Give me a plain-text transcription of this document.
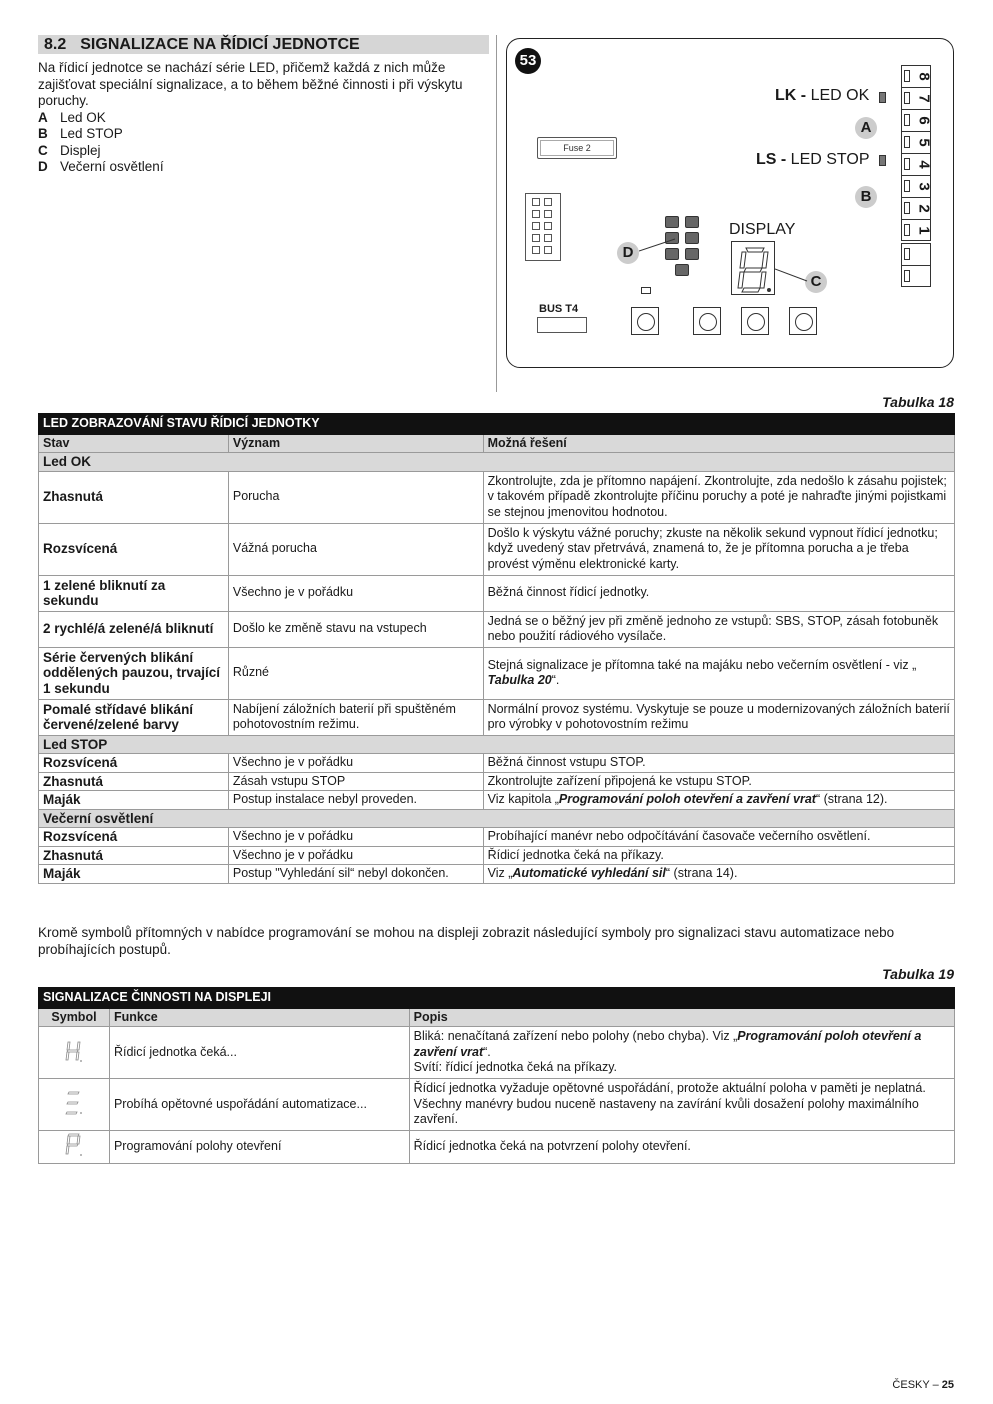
8.2 SIGNALIZACE NA ŘÍDICÍ JEDNOTCE
Na řídicí jednotce se nachází série LED, přičemž každá z nich může zajišťovat speciální signalizace, a to během běžné činnosti i při výskytu poruchy.
A Led OK
B Led STOP
C Displej
D Večerní osvětlení
53
Fuse 2
LK - LED OK
A
LS - LED STOP
B
8
7
6
5
4
3
2
1
D
DISPLAY
C
BUS T4
Tabulka 18
LED ZOBRAZOVÁNÍ STAVU ŘÍDICÍ JEDNOTKY		
Stav	Význam	Možná řešení
Led OK		
Zhasnutá	Porucha	Zkontrolujte, zda je přítomno napájení. Zkontrolujte, zda nedošlo k zásahu pojistek; v takovém případě zkontrolujte příčinu poruchy a poté je nahraďte jinými pojistkami se stejnou jmenovitou hodnotou.
Rozsvícená	Vážná porucha	Došlo k výskytu vážné poruchy; zkuste na několik sekund vypnout řídicí jednotku; když uvedený stav přetrvává, znamená to, že je přítomna porucha a je třeba provést výměnu elektronické karty.
1 zelené bliknutí za sekundu	Všechno je v pořádku	Běžná činnost řídicí jednotky.
2 rychlé/á zelené/á bliknutí	Došlo ke změně stavu na vstupech	Jedná se o běžný jev při změně jednoho ze vstupů: SBS, STOP, zásah fotobuněk nebo použití rádiového vysílače.
Série červených blikání oddělených pauzou, trvající 1 sekundu	Různé	Stejná signalizace je přítomna také na majáku nebo večerním osvětlení - viz „ Tabulka 20“.
Pomalé střídavé blikání červené/zelené barvy	Nabíjení záložních baterií při spuštěném pohotovostním režimu.	Normální provoz systému. Vyskytuje se pouze u modernizovaných záložních baterií pro výrobky v pohotovostním režimu
Led STOP		
Rozsvícená	Všechno je v pořádku	Běžná činnost vstupu STOP.
Zhasnutá	Zásah vstupu STOP	Zkontrolujte zařízení připojená ke vstupu STOP.
Maják	Postup instalace nebyl proveden.	Viz kapitola „Programování poloh otevření a zavření vrat“ (strana 12).
Večerní osvětlení		
Rozsvícená	Všechno je v pořádku	Probíhající manévr nebo odpočítávání časovače večerního osvětlení.
Zhasnutá	Všechno je v pořádku	Řídicí jednotka čeká na příkazy.
Maják	Postup "Vyhledání sil“ nebyl dokončen.	Viz „Automatické vyhledání sil“ (strana 14).
Kromě symbolů přítomných v nabídce programování se mohou na displeji zobrazit následující symboly pro signalizaci stavu automatizace nebo probíhajících postupů.
Tabulka 19
SIGNALIZACE ČINNOSTI NA DISPLEJI		
Symbol	Funkce	Popis
	Řídicí jednotka čeká...	Bliká: nenačítaná zařízení nebo polohy (nebo chyba). Viz „Programování poloh otevření a zavření vrat“.
Svítí: řídicí jednotka čeká na příkazy.
	Probíhá opětovné uspořádání automatizace...	Řídicí jednotka vyžaduje opětovné uspořádání, protože aktuální poloha v paměti je neplatná. Všechny manévry budou nuceně nastaveny na zavírání kvůli dosažení polohy maximálního zavření.
	Programování polohy otevření	Řídicí jednotka čeká na potvrzení polohy otevření.
ČESKY – 25
